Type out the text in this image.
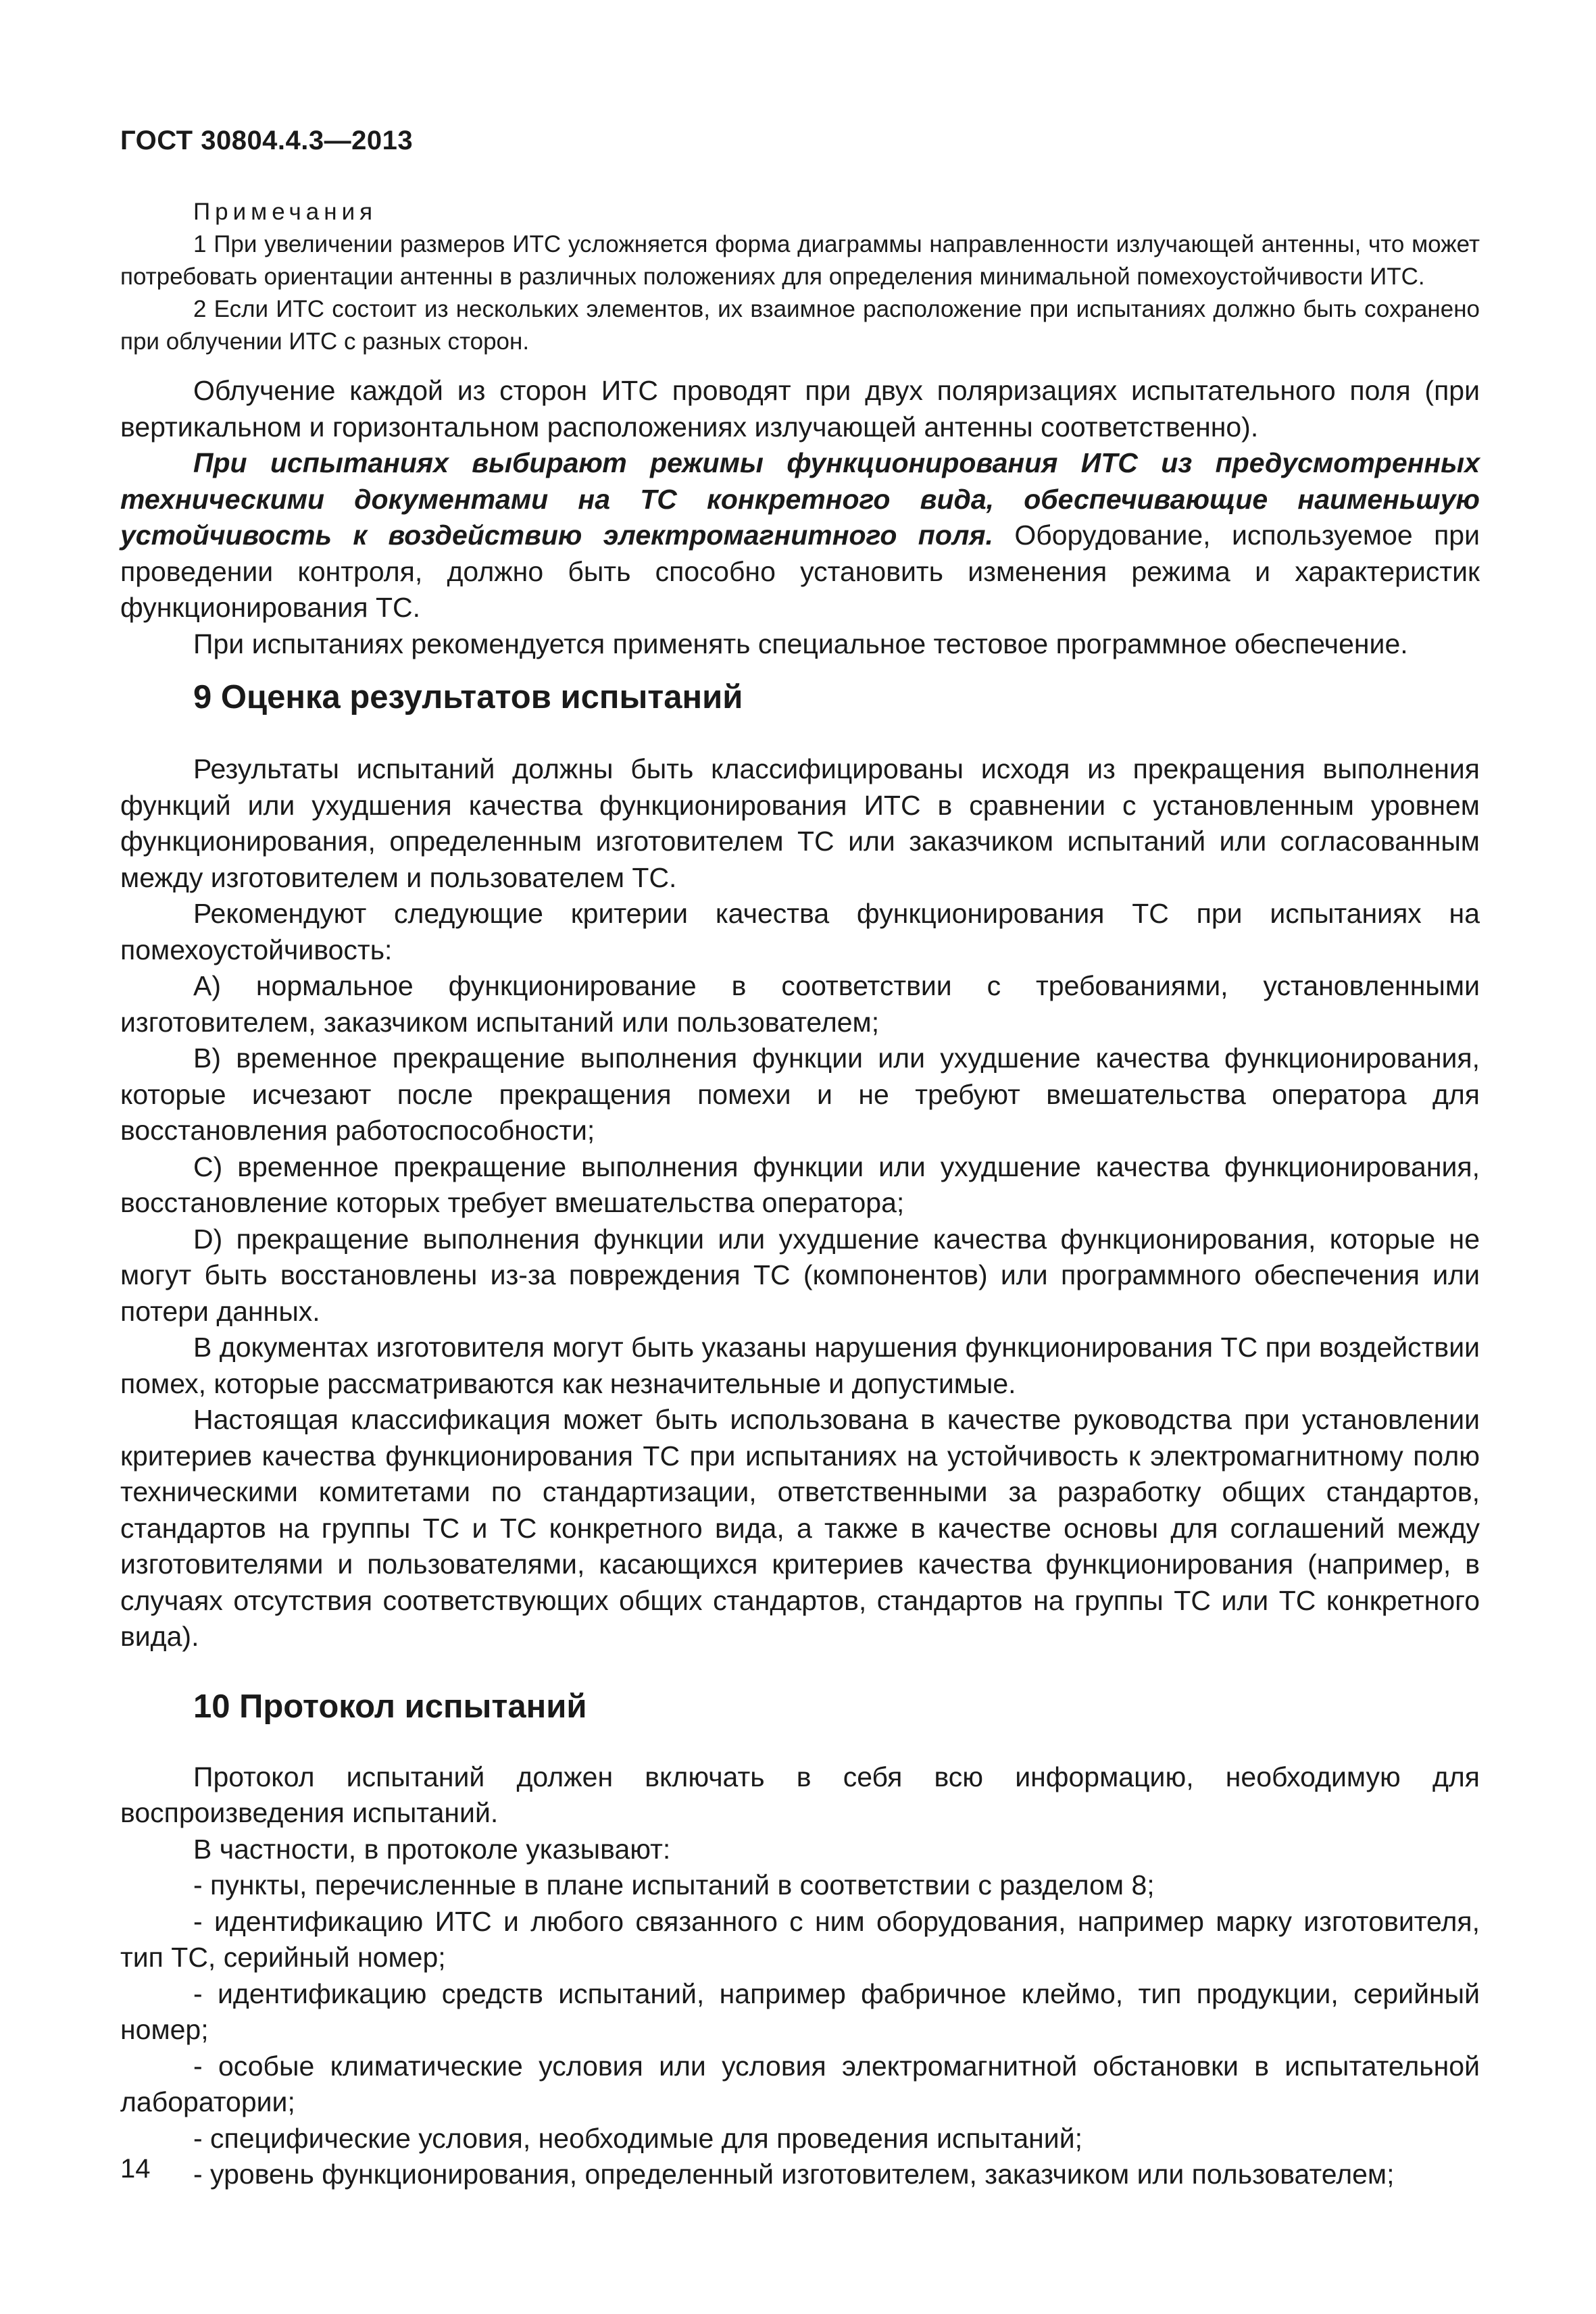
ГОСТ 30804.4.3—2013
Примечания
1 При увеличении размеров ИТС усложняется форма диаграммы направленности излучающей антенны, что может потребовать ориентации антенны в различных положениях для определения минимальной помехоустойчивости ИТС.
2 Если ИТС состоит из нескольких элементов, их взаимное расположение при испытаниях должно быть сохранено при облучении ИТС с разных сторон.

Облучение каждой из сторон ИТС проводят при двух поляризациях испытательного поля (при вертикальном и горизонтальном расположениях излучающей антенны соответственно).

При испытаниях выбирают режимы функционирования ИТС из предусмотренных техническими документами на ТС конкретного вида, обеспечивающие наименьшую устойчивость к воздействию электромагнитного поля. Оборудование, используемое при проведении контроля, должно быть способно установить изменения режима и характеристик функционирования ТС.

При испытаниях рекомендуется применять специальное тестовое программное обеспечение.

9 Оценка результатов испытаний

Результаты испытаний должны быть классифицированы исходя из прекращения выполнения функций или ухудшения качества функционирования ИТС в сравнении с установленным уровнем функционирования, определенным изготовителем ТС или заказчиком испытаний или согласованным между изготовителем и пользователем ТС.

Рекомендуют следующие критерии качества функционирования ТС при испытаниях на помехоустойчивость:

А) нормальное функционирование в соответствии с требованиями, установленными изготовителем, заказчиком испытаний или пользователем;

В) временное прекращение выполнения функции или ухудшение качества функционирования, которые исчезают после прекращения помехи и не требуют вмешательства оператора для восстановления работоспособности;

С) временное прекращение выполнения функции или ухудшение качества функционирования, восстановление которых требует вмешательства оператора;

D) прекращение выполнения функции или ухудшение качества функционирования, которые не могут быть восстановлены из-за повреждения ТС (компонентов) или программного обеспечения или потери данных.

В документах изготовителя могут быть указаны нарушения функционирования ТС при воздействии помех, которые рассматриваются как незначительные и допустимые.

Настоящая классификация может быть использована в качестве руководства при установлении критериев качества функционирования ТС при испытаниях на устойчивость к электромагнитному полю техническими комитетами по стандартизации, ответственными за разработку общих стандартов, стандартов на группы ТС и ТС конкретного вида, а также в качестве основы для соглашений между изготовителями и пользователями, касающихся критериев качества функционирования (например, в случаях отсутствия соответствующих общих стандартов, стандартов на группы ТС или ТС конкретного вида).

10 Протокол испытаний

Протокол испытаний должен включать в себя всю информацию, необходимую для воспроизведения испытаний.

В частности, в протоколе указывают:

- пункты, перечисленные в плане испытаний в соответствии с разделом 8;

- идентификацию ИТС и любого связанного с ним оборудования, например марку изготовителя, тип ТС, серийный номер;

- идентификацию средств испытаний, например фабричное клеймо, тип продукции, серийный номер;

- особые климатические условия или условия электромагнитной обстановки в испытательной лаборатории;

- специфические условия, необходимые для проведения испытаний;

- уровень функционирования, определенный изготовителем, заказчиком или пользователем;

14
